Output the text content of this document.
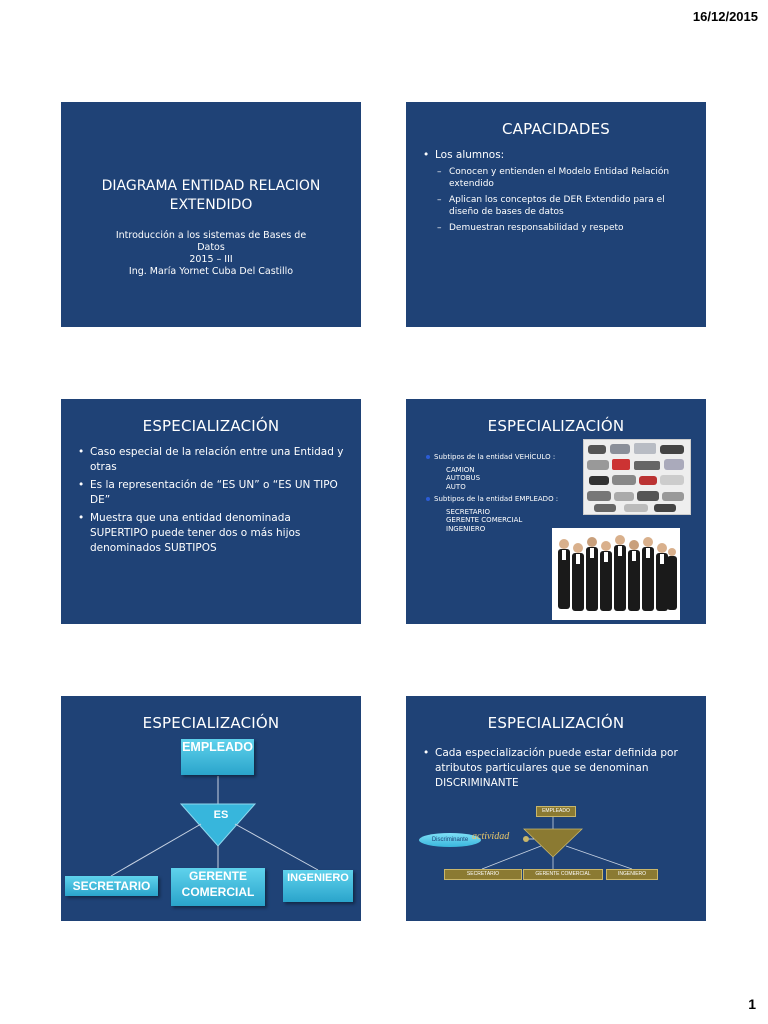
16/12/2015
DIAGRAMA ENTIDAD RELACION
EXTENDIDO
Introducción a los sistemas de Bases de
Datos
2015 – III
Ing. María Yornet Cuba Del Castillo
CAPACIDADES
• Los alumnos:
– Conocen y entienden el Modelo Entidad Relación extendido
– Aplican los conceptos de DER Extendido para el diseño de bases de datos
– Demuestran responsabilidad y respeto
ESPECIALIZACIÓN
• Caso especial de la relación entre una Entidad y otras
• Es la representación de “ES UN” o “ES UN TIPO DE”
• Muestra que una entidad denominada SUPERTIPO puede tener dos o más hijos denominados SUBTIPOS
ESPECIALIZACIÓN
Subtipos de la entidad VEHÍCULO :
CAMION
AUTOBUS
AUTO
Subtipos de la entidad EMPLEADO :
SECRETARIO
GERENTE COMERCIAL
INGENIERO
ESPECIALIZACIÓN
EMPLEADO
ES
SECRETARIO
GERENTE
COMERCIAL
INGENIERO
ESPECIALIZACIÓN
• Cada especialización puede estar definida por atributos particulares que se denominan DISCRIMINANTE
EMPLEADO
Discriminante actividad
SECRETARIO	GERENTE COMERCIAL	INGENIERO
1
